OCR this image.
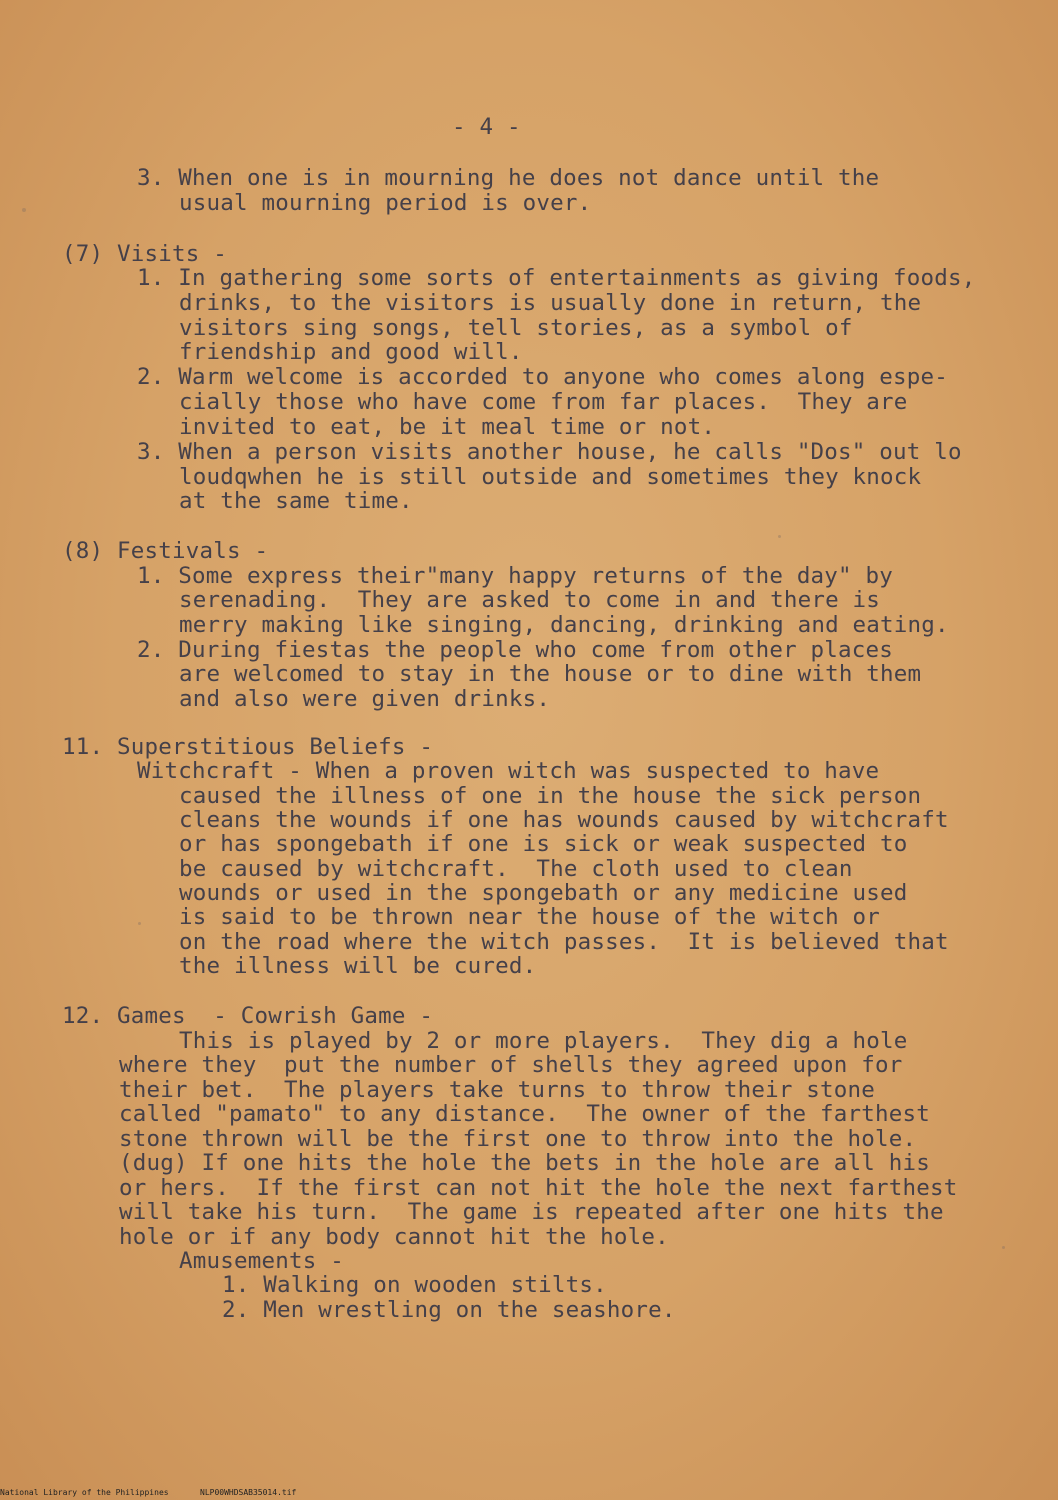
- 4 -
3. When one is in mourning he does not dance until the
usual mourning period is over.
(7) Visits -
1. In gathering some sorts of entertainments as giving foods,
drinks, to the visitors is usually done in return, the
visitors sing songs, tell stories, as a symbol of
friendship and good will.
2. Warm welcome is accorded to anyone who comes along espe-
cially those who have come from far places.  They are
invited to eat, be it meal time or not.
3. When a person visits another house, he calls "Dos" out lo
loudqwhen he is still outside and sometimes they knock
at the same time.
(8) Festivals -
1. Some express their"many happy returns of the day" by
serenading.  They are asked to come in and there is
merry making like singing, dancing, drinking and eating.
2. During fiestas the people who come from other places
are welcomed to stay in the house or to dine with them
and also were given drinks.
11. Superstitious Beliefs -
Witchcraft - When a proven witch was suspected to have
caused the illness of one in the house the sick person
cleans the wounds if one has wounds caused by witchcraft
or has spongebath if one is sick or weak suspected to
be caused by witchcraft.  The cloth used to clean
wounds or used in the spongebath or any medicine used
is said to be thrown near the house of the witch or
on the road where the witch passes.  It is believed that
the illness will be cured.
12. Games  - Cowrish Game -
This is played by 2 or more players.  They dig a hole
where they  put the number of shells they agreed upon for
their bet.  The players take turns to throw their stone
called "pamato" to any distance.  The owner of the farthest
stone thrown will be the first one to throw into the hole.
(dug) If one hits the hole the bets in the hole are all his
or hers.  If the first can not hit the hole the next farthest
will take his turn.  The game is repeated after one hits the
hole or if any body cannot hit the hole.
Amusements -
1. Walking on wooden stilts.
2. Men wrestling on the seashore.
National Library of the Philippines	NLP00WHDSAB35014.tif
